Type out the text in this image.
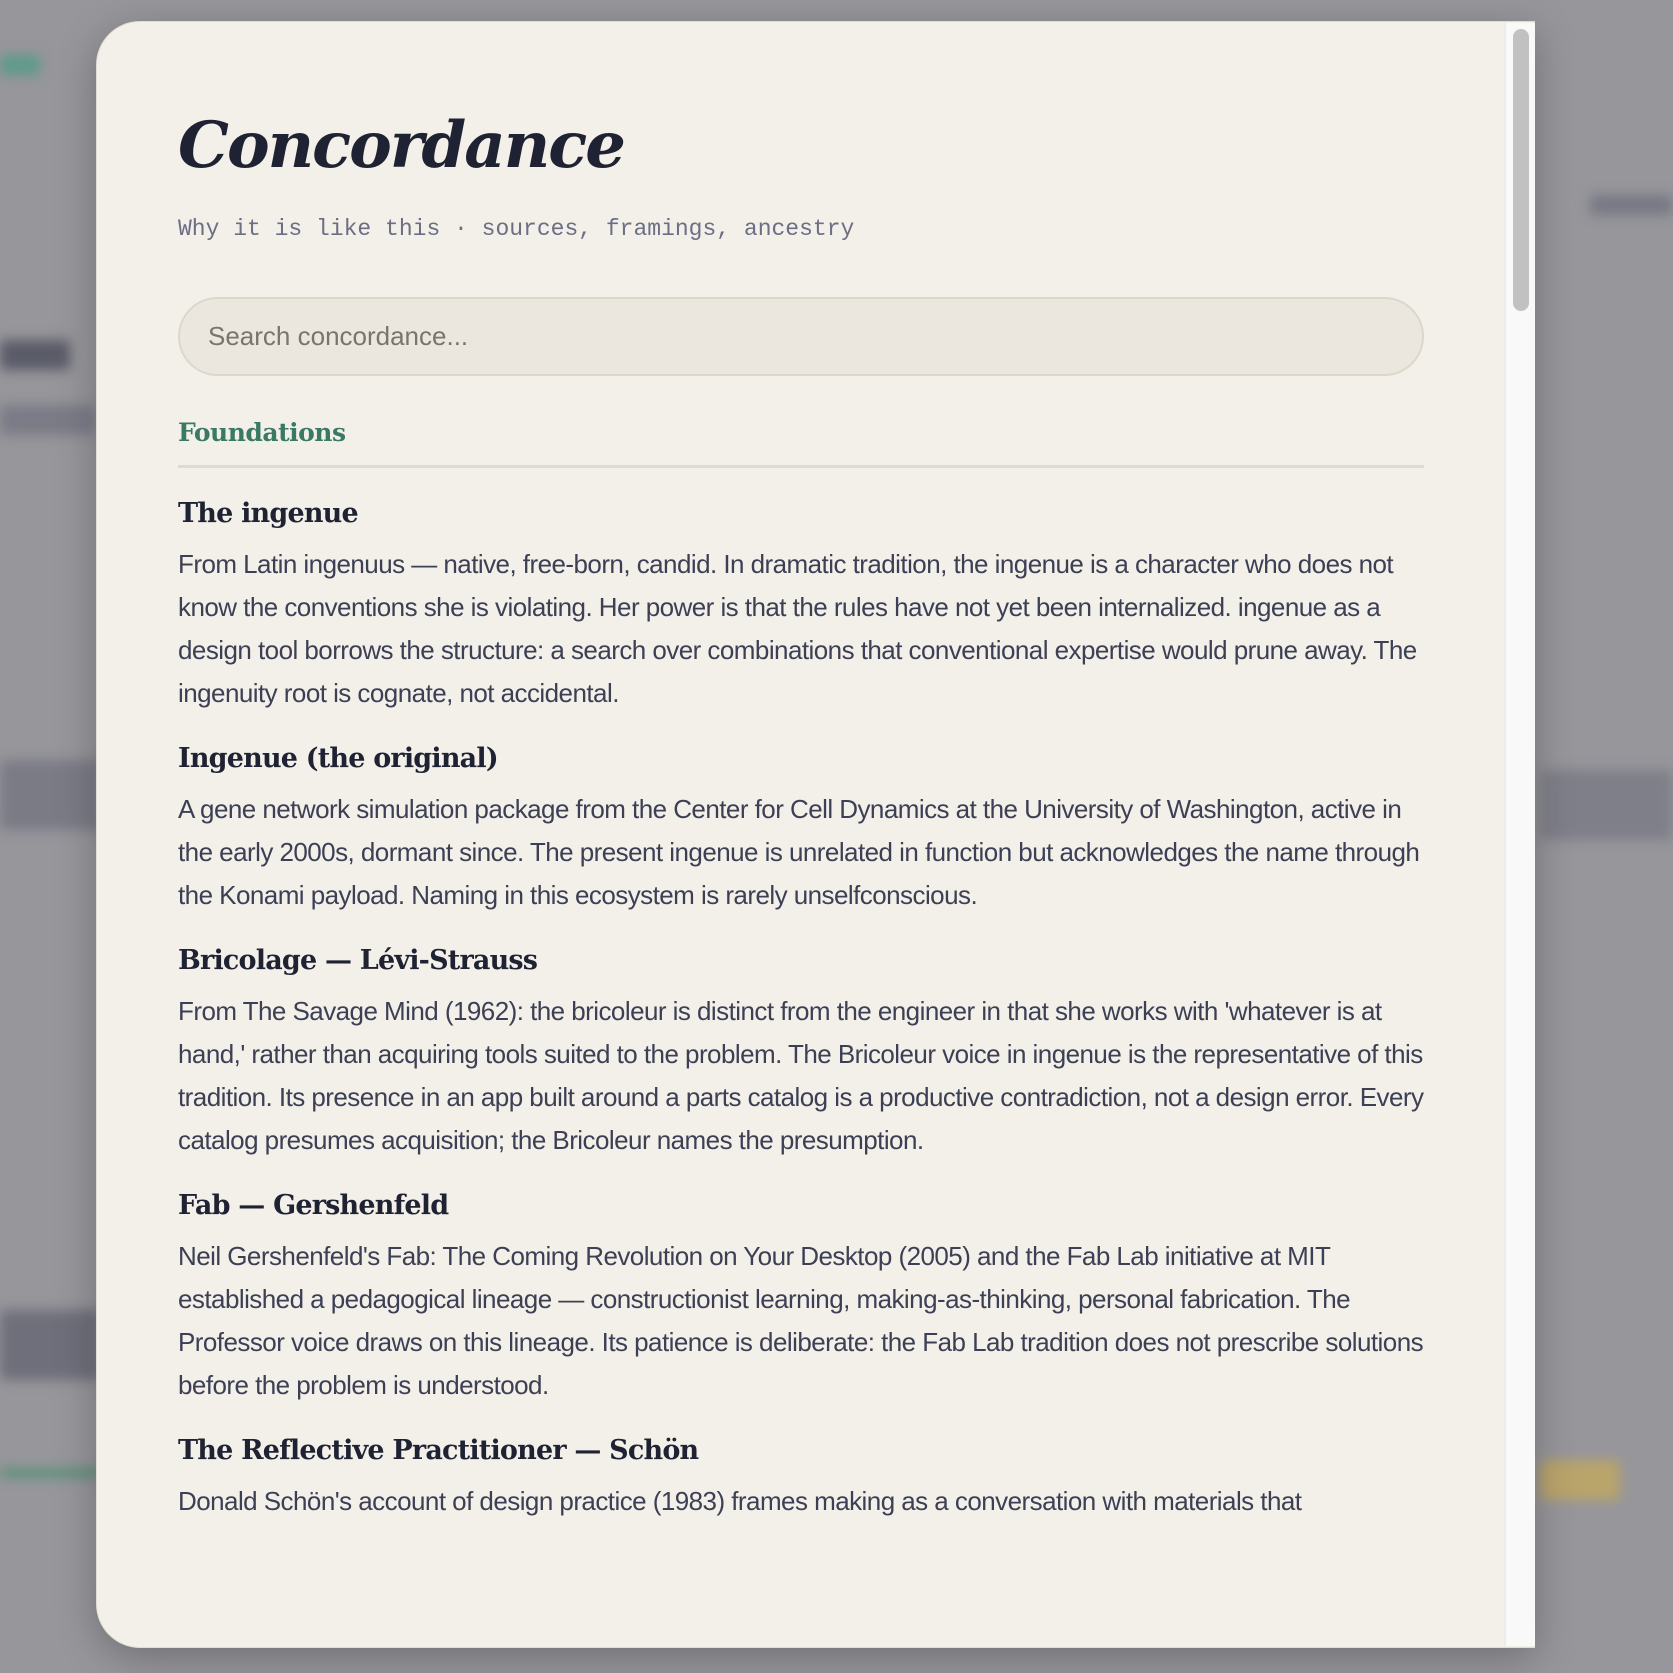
Concordance
Why it is like this · sources, framings, ancestry
Search concordance...
Foundations
The ingenue

From Latin ingenuus — native, free-born, candid. In dramatic tradition, the ingenue is a character who does not know the conventions she is violating. Her power is that the rules have not yet been internalized. ingenue as a design tool borrows the structure: a search over combinations that conventional expertise would prune away. The ingenuity root is cognate, not accidental.

Ingenue (the original)

A gene network simulation package from the Center for Cell Dynamics at the University of Washington, active in the early 2000s, dormant since. The present ingenue is unrelated in function but acknowledges the name through the Konami payload. Naming in this ecosystem is rarely unselfconscious.

Bricolage — Lévi-Strauss

From The Savage Mind (1962): the bricoleur is distinct from the engineer in that she works with 'whatever is at hand,' rather than acquiring tools suited to the problem. The Bricoleur voice in ingenue is the representative of this tradition. Its presence in an app built around a parts catalog is a productive contradiction, not a design error. Every catalog presumes acquisition; the Bricoleur names the presumption.

Fab — Gershenfeld

Neil Gershenfeld's Fab: The Coming Revolution on Your Desktop (2005) and the Fab Lab initiative at MIT established a pedagogical lineage — constructionist learning, making-as-thinking, personal fabrication. The Professor voice draws on this lineage. Its patience is deliberate: the Fab Lab tradition does not prescribe solutions before the problem is understood.

The Reflective Practitioner — Schön

Donald Schön's account of design practice (1983) frames making as a conversation with materials that
